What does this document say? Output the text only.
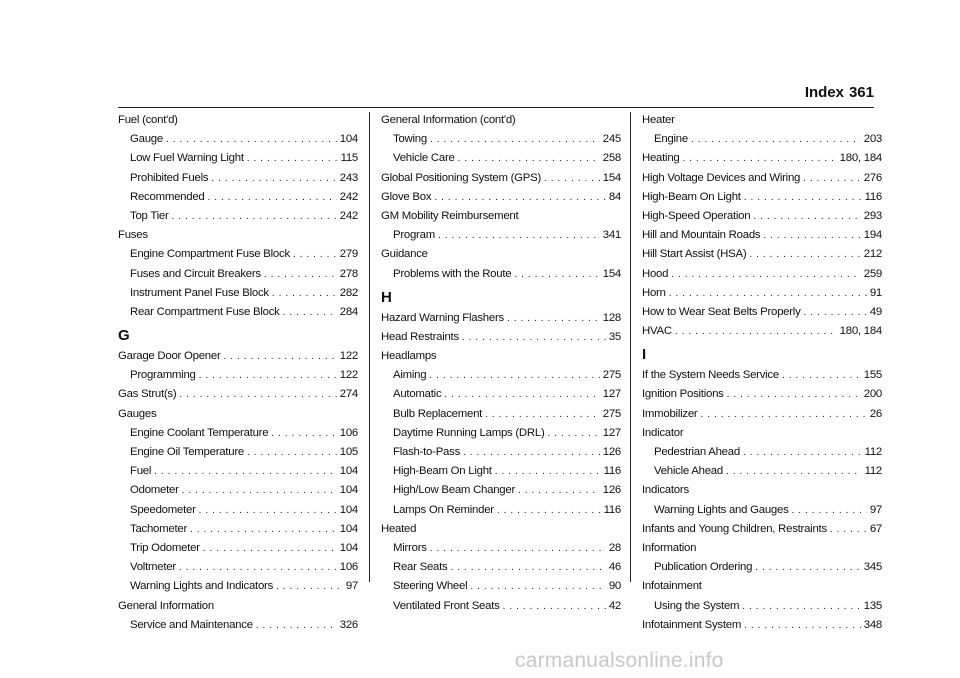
Index 361
Fuel (cont'd)
Gauge . . .	104
Low Fuel Warning Light . . .	115
Prohibited Fuels . . .	243
Recommended . . .	242
Top Tier . . .	242
Fuses
Engine Compartment Fuse Block . . .	279
Fuses and Circuit Breakers . . .	278
Instrument Panel Fuse Block . . .	282
Rear Compartment Fuse Block . . .	284
G
Garage Door Opener . . .	122
Programming . . .	122
Gas Strut(s) . . .	274
Gauges
Engine Coolant Temperature . . .	106
Engine Oil Temperature . . .	105
Fuel . . .	104
Odometer . . .	104
Speedometer . . .	104
Tachometer . . .	104
Trip Odometer . . .	104
Voltmeter . . .	106
Warning Lights and Indicators . . .	97
General Information
Service and Maintenance . . .	326
General Information (cont'd)
Towing . . .	245
Vehicle Care . . .	258
Global Positioning System (GPS) . . .	154
Glove Box . . .	84
GM Mobility Reimbursement
Program . . .	341
Guidance
Problems with the Route . . .	154
H
Hazard Warning Flashers . . .	128
Head Restraints . . .	35
Headlamps
Aiming . . .	275
Automatic . . .	127
Bulb Replacement . . .	275
Daytime Running Lamps (DRL) . . .	127
Flash-to-Pass . . .	126
High-Beam On Light . . .	116
High/Low Beam Changer . . .	126
Lamps On Reminder . . .	116
Heated
Mirrors . . .	28
Rear Seats . . .	46
Steering Wheel . . .	90
Ventilated Front Seats . . .	42
Heater
Engine . . .	203
Heating . . .	180, 184
High Voltage Devices and Wiring . . .	276
High-Beam On Light . . .	116
High-Speed Operation . . .	293
Hill and Mountain Roads . . .	194
Hill Start Assist (HSA) . . .	212
Hood . . .	259
Horn . . .	91
How to Wear Seat Belts Properly . . .	49
HVAC . . .	180, 184
I
If the System Needs Service . . .	155
Ignition Positions . . .	200
Immobilizer . . .	26
Indicator
Pedestrian Ahead . . .	112
Vehicle Ahead . . .	112
Indicators
Warning Lights and Gauges . . .	97
Infants and Young Children, Restraints . . .	67
Information
Publication Ordering . . .	345
Infotainment
Using the System . . .	135
Infotainment System . . .	348
carmanualsonline.info
